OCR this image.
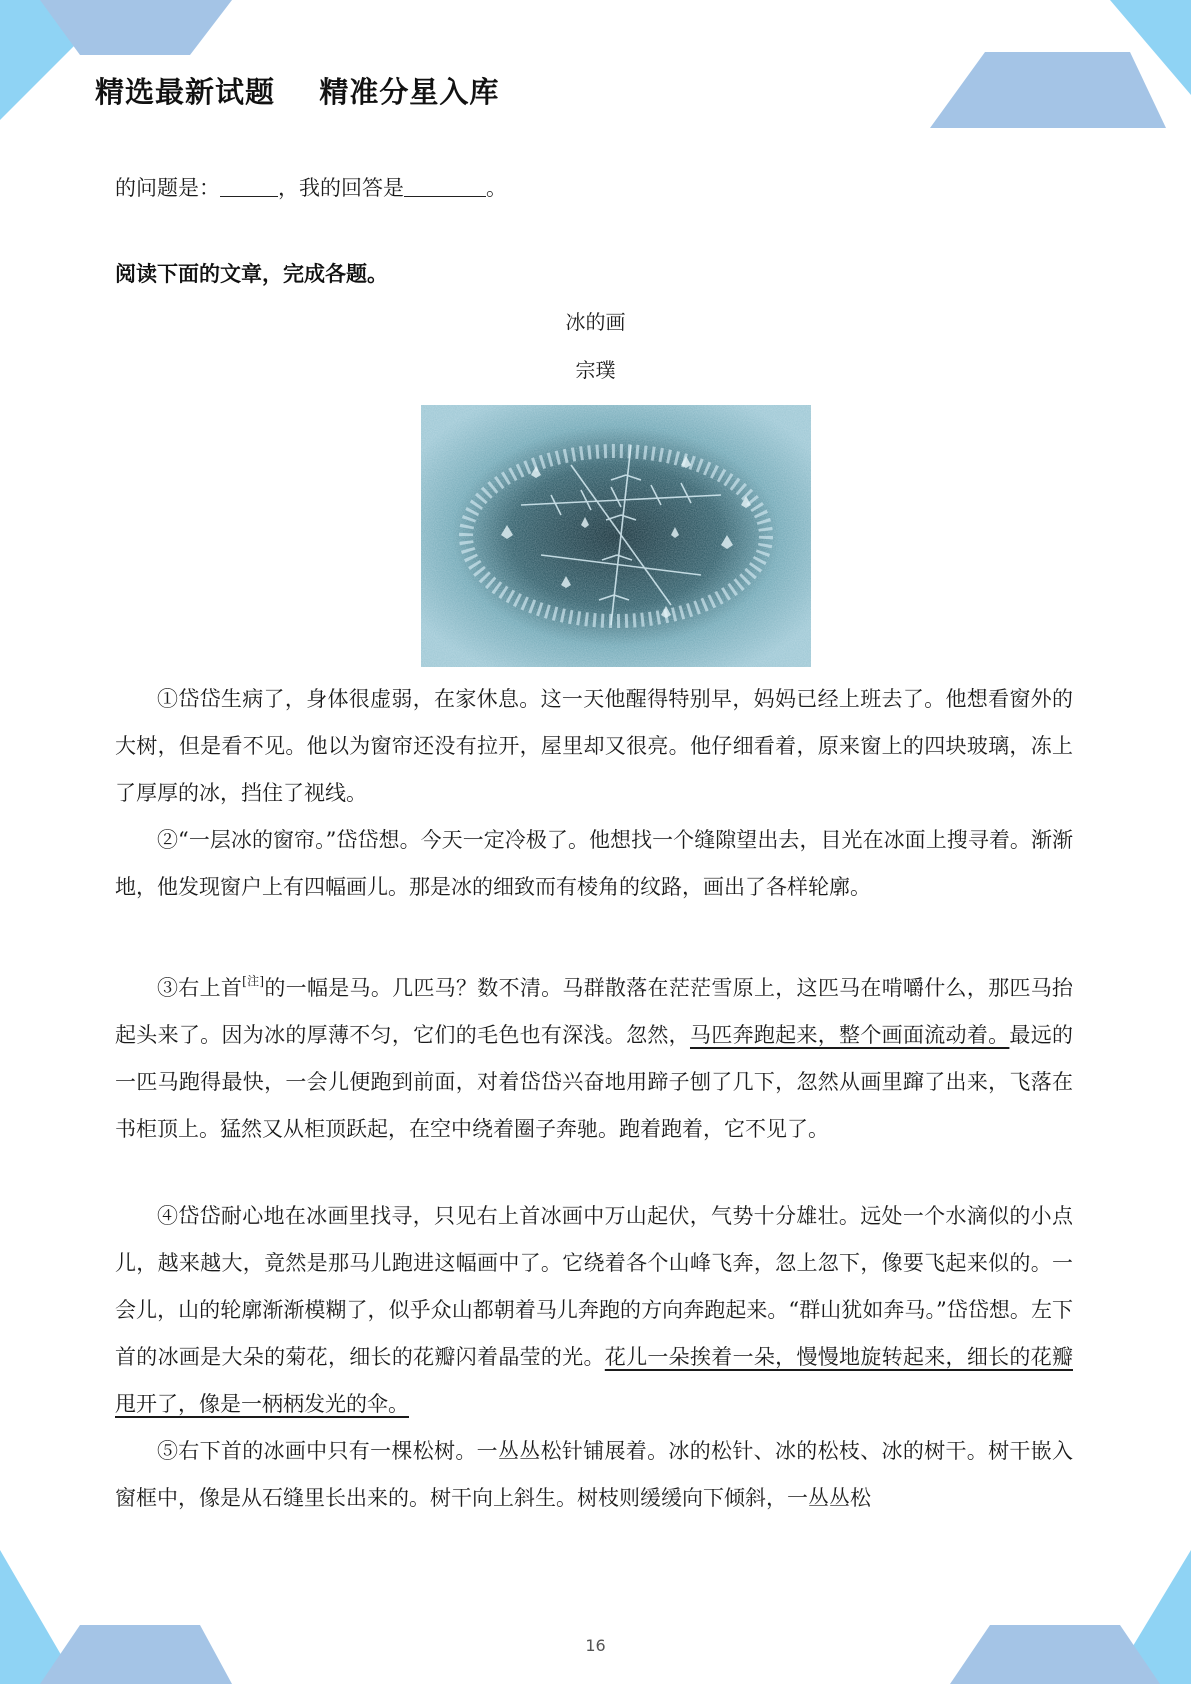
精选最新试题    精准分星入库
的问题是：	，我的回答是	。
阅读下面的文章，完成各题。
冰的画
宗璞

①岱岱生病了，身体很虚弱，在家休息。这一天他醒得特别早，妈妈已经上班去了。他想看窗外的大树，但是看不见。他以为窗帘还没有拉开，屋里却又很亮。他仔细看着，原来窗上的四块玻璃，冻上了厚厚的冰，挡住了视线。

②“一层冰的窗帘。”岱岱想。今天一定冷极了。他想找一个缝隙望出去，目光在冰面上搜寻着。渐渐地，他发现窗户上有四幅画儿。那是冰的细致而有棱角的纹路，画出了各样轮廓。

③右上首[注]的一幅是马。几匹马？数不清。马群散落在茫茫雪原上，这匹马在啃嚼什么，那匹马抬起头来了。因为冰的厚薄不匀，它们的毛色也有深浅。忽然，马匹奔跑起来，整个画面流动着。最远的一匹马跑得最快，一会儿便跑到前面，对着岱岱兴奋地用蹄子刨了几下，忽然从画里蹿了出来，飞落在书柜顶上。猛然又从柜顶跃起，在空中绕着圈子奔驰。跑着跑着，它不见了。

④岱岱耐心地在冰画里找寻，只见右上首冰画中万山起伏，气势十分雄壮。远处一个水滴似的小点儿，越来越大，竟然是那马儿跑进这幅画中了。它绕着各个山峰飞奔，忽上忽下，像要飞起来似的。一会儿，山的轮廓渐渐模糊了，似乎众山都朝着马儿奔跑的方向奔跑起来。“群山犹如奔马。”岱岱想。左下首的冰画是大朵的菊花，细长的花瓣闪着晶莹的光。花儿一朵挨着一朵，慢慢地旋转起来，细长的花瓣甩开了，像是一柄柄发光的伞。

⑤右下首的冰画中只有一棵松树。一丛丛松针铺展着。冰的松针、冰的松枝、冰的树干。树干嵌入窗框中，像是从石缝里长出来的。树干向上斜生。树枝则缓缓向下倾斜，一丛丛松

16
